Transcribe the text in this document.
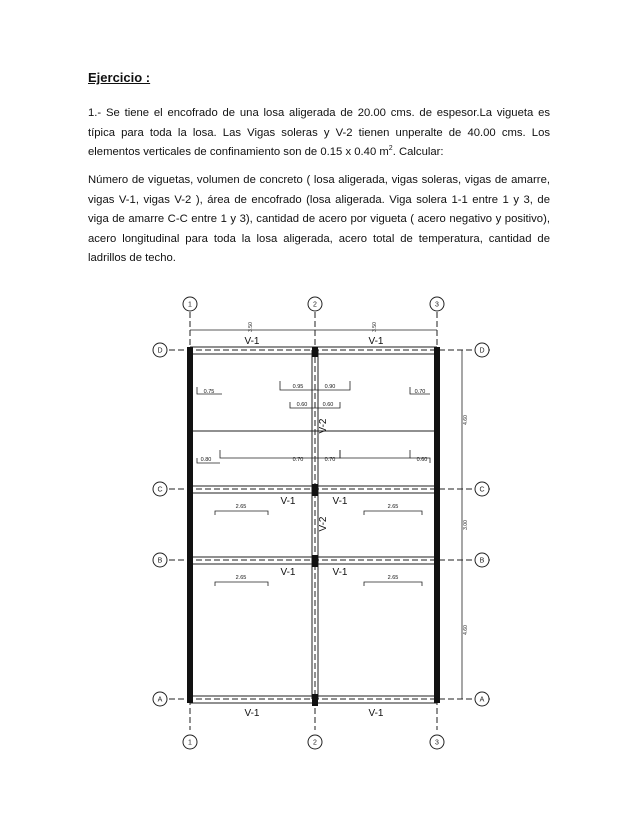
Ejercicio :
1.- Se tiene el encofrado de una losa aligerada de 20.00 cms. de espesor.La vigueta es típica para toda la losa. Las Vigas soleras y V-2 tienen unperalte de 40.00 cms. Los elementos verticales de confinamiento son de 0.15 x 0.40 $m^2$. Calcular:
Número de viguetas, volumen de concreto ( losa aligerada, vigas soleras, vigas de amarre, vigas V-1, vigas V-2 ), área de encofrado (losa aligerada. Viga solera 1-1 entre 1 y 3, de viga de amarre C-C entre 1 y 3), cantidad de acero por vigueta ( acero negativo y positivo), acero longitudinal para toda la losa aligerada, acero total de temperatura, cantidad de ladrillos de techo.
1	2	3
1	2	3
D
C
B
A
D
C
B
A
3.50	3.50
4.60
3.00
4.60
V-1	V-1
V-1	V-1
V-1	V-1
V-1	V-1
V-2
V-2
0.75
0.95	0.90
0.60	0.60
0.70
0.80	0.70	0.70	0.60
2.65	2.65
2.65	2.65
